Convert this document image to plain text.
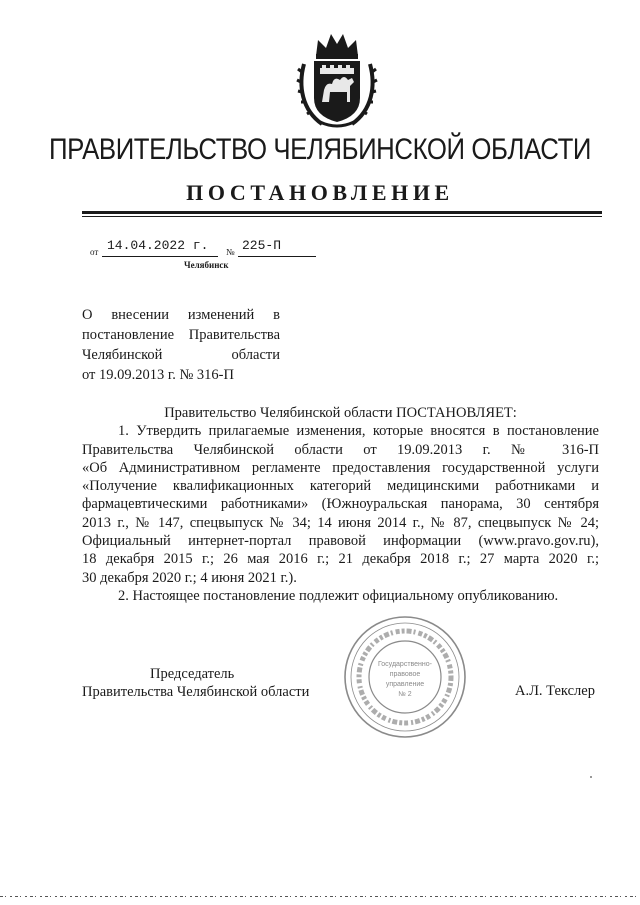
ПРАВИТЕЛЬСТВО ЧЕЛЯБИНСКОЙ ОБЛАСТИ
ПОСТАНОВЛЕНИЕ
от 14.04.2022 г. № 225-П
Челябинск
О внесении изменений в
постановление Правительства
Челябинской области
от 19.09.2013 г. № 316-П
Правительство Челябинской области ПОСТАНОВЛЯЕТ:
1. Утвердить прилагаемые изменения, которые вносятся в постановление
Правительства Челябинской области от 19.09.2013 г. № 316-П
«Об Административном регламенте предоставления государственной услуги
«Получение квалификационных категорий медицинскими работниками и
фармацевтическими работниками» (Южноуральская панорама, 30 сентября
2013 г., № 147, спецвыпуск № 34; 14 июня 2014 г., № 87, спецвыпуск № 24;
Официальный интернет-портал правовой информации (www.pravo.gov.ru),
18 декабря 2015 г.; 26 мая 2016 г.; 21 декабря 2018 г.; 27 марта 2020 г.;
30 декабря 2020 г.; 4 июня 2021 г.).
2. Настоящее постановление подлежит официальному опубликованию.
Председатель
Правительства Челябинской области	А.Л. Текслер
Государственно-
правовое
управление
№ 2
